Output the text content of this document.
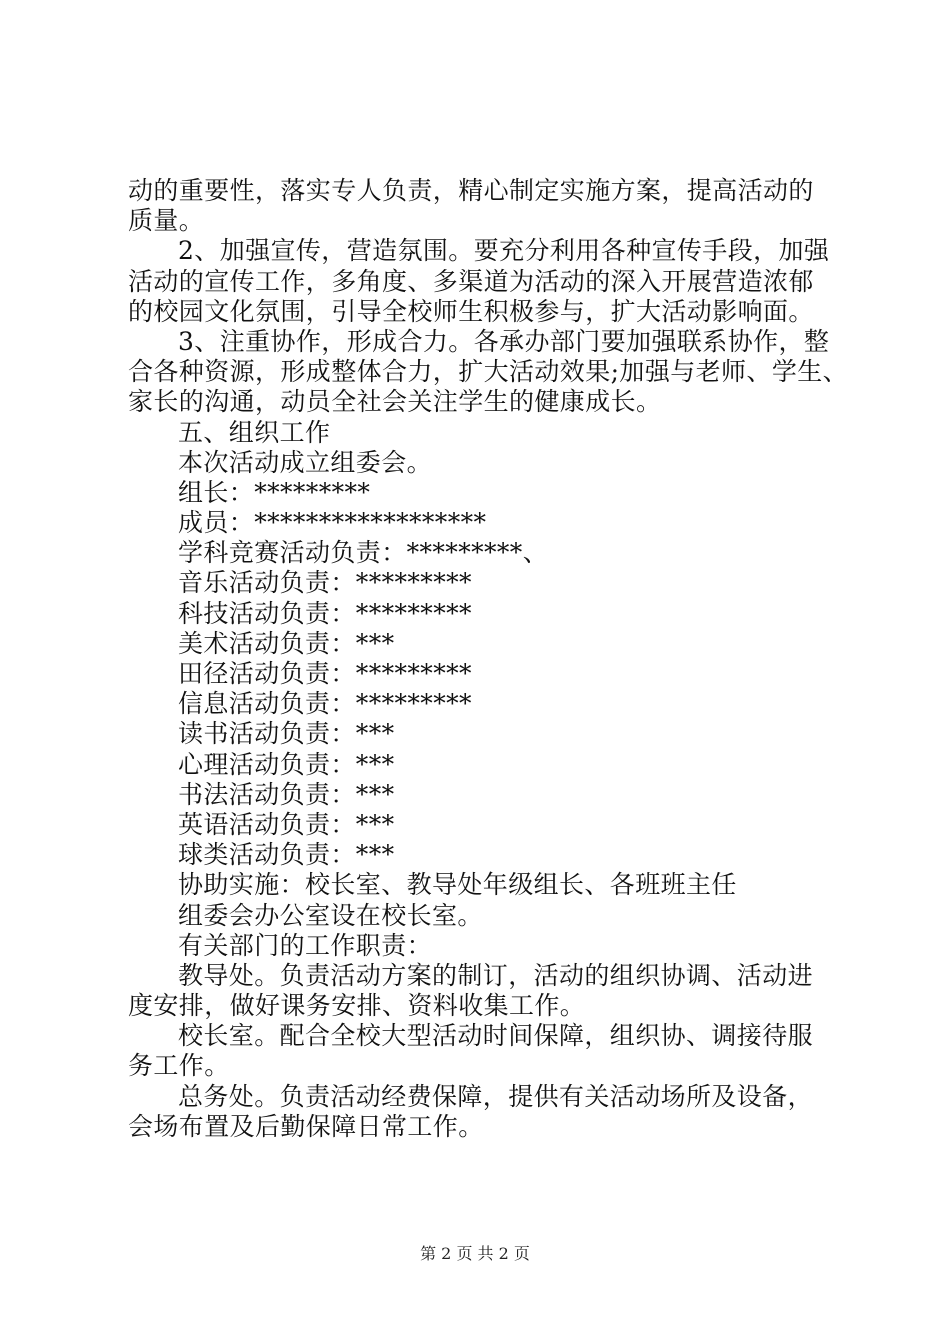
动的重要性，落实专人负责，精心制定实施方案，提高活动的
质量。
2、加强宣传，营造氛围。要充分利用各种宣传手段，加强
活动的宣传工作，多角度、多渠道为活动的深入开展营造浓郁
的校园文化氛围，引导全校师生积极参与，扩大活动影响面。
3、注重协作，形成合力。各承办部门要加强联系协作，整
合各种资源，形成整体合力，扩大活动效果;加强与老师、学生、
家长的沟通，动员全社会关注学生的健康成长。
五、组织工作
本次活动成立组委会。
组长：*********
成员：******************
学科竞赛活动负责：*********、
音乐活动负责：*********
科技活动负责：*********
美术活动负责：***
田径活动负责：*********
信息活动负责：*********
读书活动负责：***
心理活动负责：***
书法活动负责：***
英语活动负责：***
球类活动负责：***
协助实施：校长室、教导处年级组长、各班班主任
组委会办公室设在校长室。
有关部门的工作职责：
教导处。负责活动方案的制订，活动的组织协调、活动进
度安排，做好课务安排、资料收集工作。
校长室。配合全校大型活动时间保障，组织协、调接待服
务工作。
总务处。负责活动经费保障，提供有关活动场所及设备，
会场布置及后勤保障日常工作。
第 2 页 共 2 页
